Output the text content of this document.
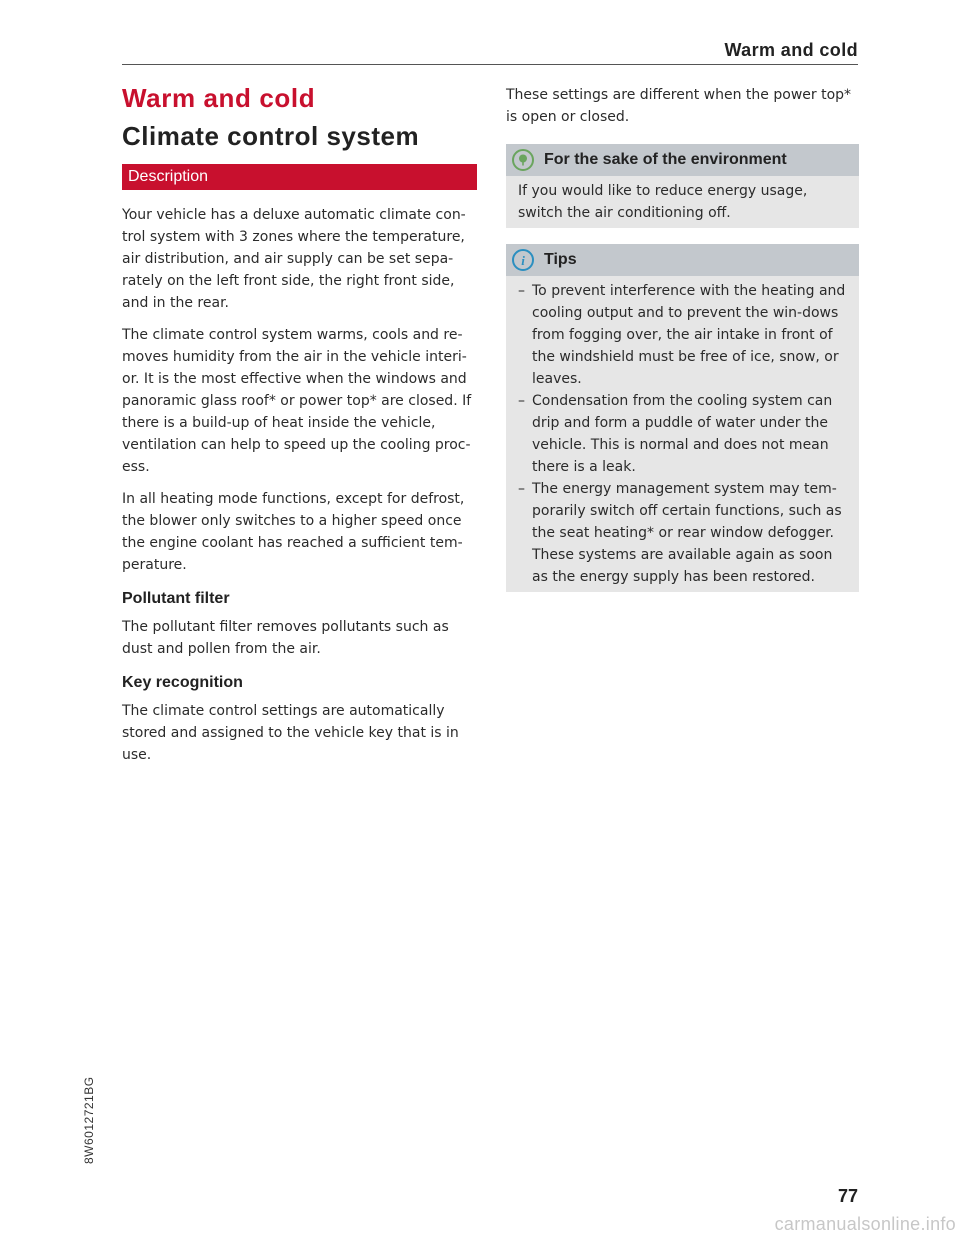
Warm and cold
Warm and cold
Climate control system
Description

Your vehicle has a deluxe automatic climate con-trol system with 3 zones where the temperature, air distribution, and air supply can be set sepa-rately on the left front side, the right front side, and in the rear.

The climate control system warms, cools and re-moves humidity from the air in the vehicle interi-or. It is the most effective when the windows and panoramic glass roof* or power top* are closed. If there is a build-up of heat inside the vehicle, ventilation can help to speed up the cooling proc-ess.

In all heating mode functions, except for defrost, the blower only switches to a higher speed once the engine coolant has reached a sufficient tem-perature.

Pollutant filter

The pollutant filter removes pollutants such as dust and pollen from the air.

Key recognition

The climate control settings are automatically stored and assigned to the vehicle key that is in use.

These settings are different when the power top* is open or closed.

For the sake of the environment

If you would like to reduce energy usage, switch the air conditioning off.

i Tips
– To prevent interference with the heating and cooling output and to prevent the win-dows from fogging over, the air intake in front of the windshield must be free of ice, snow, or leaves.
– Condensation from the cooling system can drip and form a puddle of water under the vehicle. This is normal and does not mean there is a leak.
– The energy management system may tem-porarily switch off certain functions, such as the seat heating* or rear window defogger. These systems are available again as soon as the energy supply has been restored.
8W6012721BG
77
carmanualsonline.info
